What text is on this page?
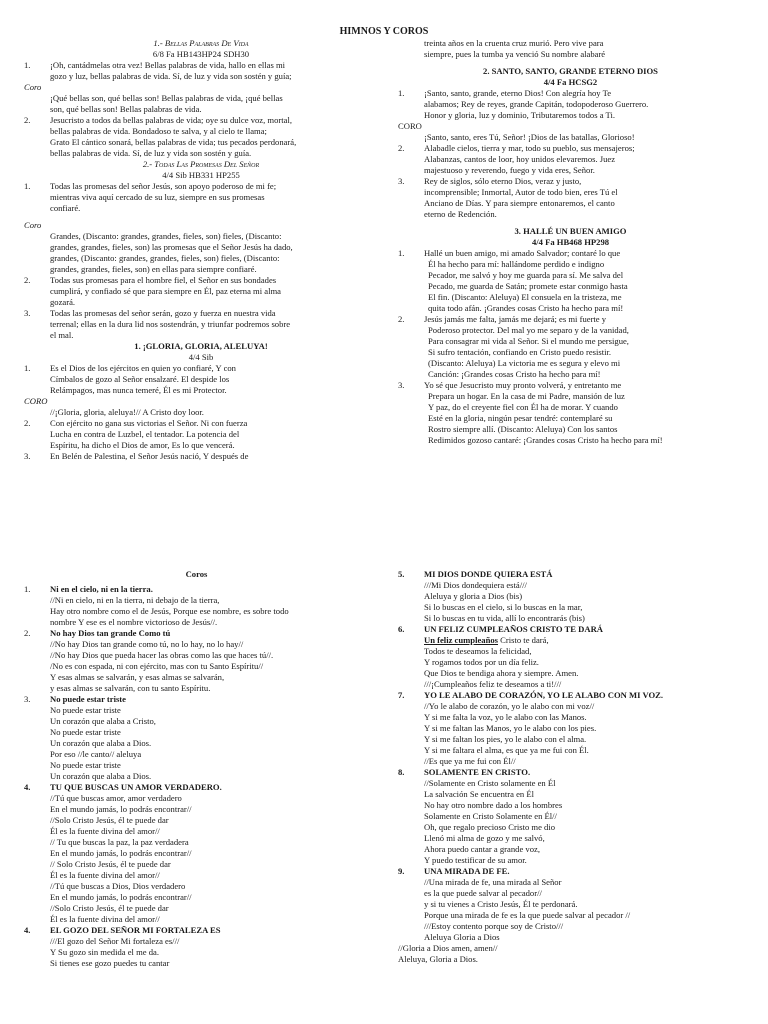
HIMNOS Y COROS
1.- Bellas Palabras De Vida
6/8 Fa HB143HP24 SDH30
1. ¡Oh, cantádmelas otra vez! Bellas palabras de vida, hallo en ellas mi
gozo y luz, bellas palabras de vida. Sí, de luz y vida son sostén y guía;
Coro
¡Qué bellas son, qué bellas son! Bellas palabras de vida, ¡qué bellas
son, qué bellas son! Bellas palabras de vida.
2. Jesucristo a todos da bellas palabras de vida; oye su dulce voz, mortal,
bellas palabras de vida. Bondadoso te salva, y al cielo te llama;
Grato El cántico sonará, bellas palabras de vida; tus pecados perdonará,
bellas palabras de vida. Sí, de luz y vida son sostén y guía.
2.- Todas Las Promesas Del Señor
4/4 Sib HB331 HP255
1. Todas las promesas del señor Jesús, son apoyo poderoso de mi fe;
mientras viva aquí cercado de su luz, siempre en sus promesas
confiaré.
Coro
Grandes, (Discanto: grandes, grandes, fieles, son) fieles, (Discanto:
grandes, grandes, fieles, son) las promesas que el Señor Jesús ha dado,
grandes, (Discanto: grandes, grandes, fieles, son) fieles, (Discanto:
grandes, grandes, fieles, son) en ellas para siempre confiaré.
2. Todas sus promesas para el hombre fiel, el Señor en sus bondades
cumplirá, y confiado sé que para siempre en Él, paz eterna mi alma
gozará.
3. Todas las promesas del señor serán, gozo y fuerza en nuestra vida
terrenal; ellas en la dura lid nos sostendrán, y triunfar podremos sobre
el mal.
1. ¡GLORIA, GLORIA, ALELUYA!
4/4 Sib
1. Es el Dios de los ejércitos en quien yo confiaré, Y con
Címbalos de gozo al Señor ensalzaré. El despide los
Relámpagos, mas nunca temeré, Él es mi Protector.
CORO
//¡Gloria, gloria, aleluya!// A Cristo doy loor.
2. Con ejército no gana sus victorias el Señor. Ni con fuerza
Lucha en contra de Luzbel, el tentador. La potencia del
Espíritu, ha dicho el Dios de amor, Es lo que vencerá.
3. En Belén de Palestina, el Señor Jesús nació, Y después de
treinta años en la cruenta cruz murió. Pero vive para
siempre, pues la tumba ya venció Su nombre alabaré
2. SANTO, SANTO, GRANDE ETERNO DIOS
4/4 Fa HCSG2
1. ¡Santo, santo, grande, eterno Dios! Con alegría hoy Te
alabamos; Rey de reyes, grande Capitán, todopoderoso Guerrero.
Honor y gloria, luz y dominio, Tributaremos todos a Ti.
CORO
¡Santo, santo, eres Tú, Señor! ¡Dios de las batallas, Glorioso!
2. Alabadle cielos, tierra y mar, todo su pueblo, sus mensajeros;
Alabanzas, cantos de loor, hoy unidos elevaremos. Juez
majestuoso y reverendo, fuego y vida eres, Señor.
3. Rey de siglos, sólo eterno Dios, veraz y justo,
incomprensible; Inmortal, Autor de todo bien, eres Tú el
Anciano de Días. Y para siempre entonaremos, el canto
eterno de Redención.
3. HALLÉ UN BUEN AMIGO
4/4 Fa HB468 HP298
1. Hallé un buen amigo, mi amado Salvador; contaré lo que
Él ha hecho para mí: hallándome perdido e indigno
Pecador, me salvó y hoy me guarda para sí. Me salva del
Pecado, me guarda de Satán; promete estar conmigo hasta
El fin. (Discanto: Aleluya) El consuela en la tristeza, me
quita todo afán. ¡Grandes cosas Cristo ha hecho para mí!
2. Jesús jamás me falta, jamás me dejará; es mi fuerte y
Poderoso protector. Del mal yo me separo y de la vanidad,
Para consagrar mi vida al Señor. Si el mundo me persigue,
Si sufro tentación, confiando en Cristo puedo resistir.
(Discanto: Aleluya) La victoria me es segura y elevo mi
Canción: ¡Grandes cosas Cristo ha hecho para mí!
3. Yo sé que Jesucristo muy pronto volverá, y entretanto me
Prepara un hogar. En la casa de mi Padre, mansión de luz
Y paz, do el creyente fiel con Él ha de morar. Y cuando
Esté en la gloria, ningún pesar tendré: contemplaré su
Rostro siempre allí. (Discanto: Aleluya) Con los santos
Redimidos gozoso cantaré: ¡Grandes cosas Cristo ha hecho para mí!
Coros
1. Ni en el cielo, ni en la tierra.
//Ni en cielo, ni en la tierra, ni debajo de la tierra,
Hay otro nombre como el de Jesús, Porque ese nombre, es sobre todo
nombre Y ese es el nombre victorioso de Jesús//.
2. No hay Dios tan grande Como tú
//No hay Dios tan grande como tú, no lo hay, no lo hay//
//No hay Dios que pueda hacer las obras como las que haces tú//.
/No es con espada, ni con ejército, mas con tu Santo Espíritu//
Y esas almas se salvarán, y esas almas se salvarán,
y esas almas se salvarán, con tu santo Espíritu.
3. No puede estar triste
No puede estar triste
Un corazón que alaba a Cristo,
No puede estar triste
Un corazón que alaba a Dios.
Por eso //le canto// aleluya
No puede estar triste
Un corazón que alaba a Dios.
4. TU QUE BUSCAS UN AMOR VERDADERO.
//Tú que buscas amor, amor verdadero
En el mundo jamás, lo podrás encontrar//
//Solo Cristo Jesús, él te puede dar
Él es la fuente divina del amor//
// Tu que buscas la paz, la paz verdadera
En el mundo jamás, lo podrás encontrar//
// Solo Cristo Jesús, él te puede dar
Él es la fuente divina del amor//
//Tú que buscas a Dios, Dios verdadero
En el mundo jamás, lo podrás encontrar//
//Solo Cristo Jesús, él te puede dar
Él es la fuente divina del amor//
4. EL GOZO DEL SEÑOR MI FORTALEZA ES
///El gozo del Señor Mi fortaleza es///
Y Su gozo sin medida el me da.
Si tienes ese gozo puedes tu cantar
5. MI DIOS DONDE QUIERA ESTÁ
///Mi Dios dondequiera está///
Aleluya y gloria a Dios (bis)
Si lo buscas en el cielo, si lo buscas en la mar,
Si lo buscas en tu vida, allí lo encontrarás (bis)
6. UN FELIZ CUMPLEAÑOS CRISTO TE DARÁ
Un feliz cumpleaños Cristo te dará,
Todos te deseamos la felicidad,
Y rogamos todos por un día feliz.
Que Dios te bendiga ahora y siempre. Amen.
///¡Cumpleaños feliz te deseamos a ti!///
7. YO LE ALABO DE CORAZÓN, YO LE ALABO CON MI VOZ.
//Yo le alabo de corazón, yo le alabo con mi voz//
Y si me falta la voz, yo le alabo con las Manos.
Y si me faltan las Manos, yo le alabo con los pies.
Y si me faltan los pies, yo le alabo con el alma.
Y si me faltara el alma, es que ya me fui con Él.
//Es que ya me fui con Él//
8. SOLAMENTE EN CRISTO.
//Solamente en Cristo solamente en Él
La salvación Se encuentra en Él
No hay otro nombre dado a los hombres
Solamente en Cristo Solamente en Él//
Oh, que regalo precioso Cristo me dio
Llenó mi alma de gozo y me salvó,
Ahora puedo cantar a grande voz,
Y puedo testificar de su amor.
9. UNA MIRADA DE FE.
//Una mirada de fe, una mirada al Señor
es la que puede salvar al pecador//
y si tu vienes a Cristo Jesús, Él te perdonará.
Porque una mirada de fe es la que puede salvar al pecador //
///Estoy contento porque soy de Cristo///
Aleluya Gloria a Dios
//Gloria a Dios amen, amen//
Aleluya, Gloria a Dios.
